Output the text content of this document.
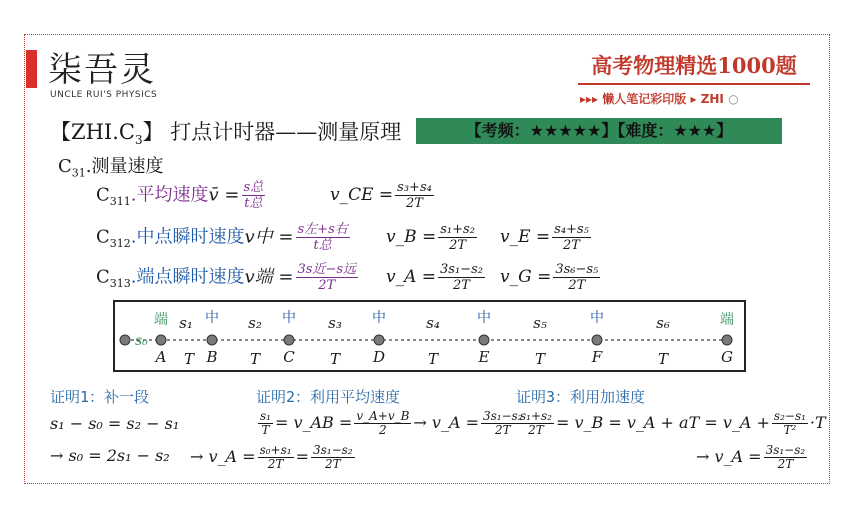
柒吾灵
UNCLE RUI'S PHYSICS
高考物理精选1000题
▸▸▸ 懒人笔记彩印版 ▸ ZHI ○
【$ZHI.C_3$】 打点计时器——测量原理	【考频：★★★★★】【难度：★★★】
$C_{31}$.测量速度
$C_{311}$.平均速度v̄ = s总
t总	v_CE = $\frac{\text{s₃+s₄}}{2T}$
$C_{312}$.中点瞬时速度v中 = s左+s右
t总	v_B = $\frac{\text{s₁+s₂}}{2T}$ v_E = $\frac{\text{s₄+s₅}}{2T}$
$C_{313}$.端点瞬时速度v端 = 3s近−s远
2T	v_A = $\frac{\text{3s₁−s₂}}{2T}$ v_G = $\frac{\text{3s₆−s₅}}{2T}$
s₀
端	端
中	中	中	中	中
s₁	s₂	s₃	s₄	s₅	s₆
A	B	C	D	E	F	G
T	T	T	T	T	T
证明1：补一段
s₁ − s₀ = s₂ − s₁
→ s₀ = 2s₁ − s₂
证明2：利用平均速度
$\frac{\text{s₁}}{T}$ = v_AB = $\frac{v\_A+v\_B}{2}$ → v_A = $\frac{\text{3s₁−s₂}}{2T}$
→ v_A = $\frac{\text{s₀+s₁}}{2T} = \frac{\text{3s₁−s₂}}{2T}$
证明3：利用加速度
$\frac{\text{s₁+s₂}}{2T}$ = v_B = v_A + aT = v_A + $\frac{\text{s₂−s₁}}{\text{T²}} \cdot T$
→ v_A = $\frac{\text{3s₁−s₂}}{2T}$
